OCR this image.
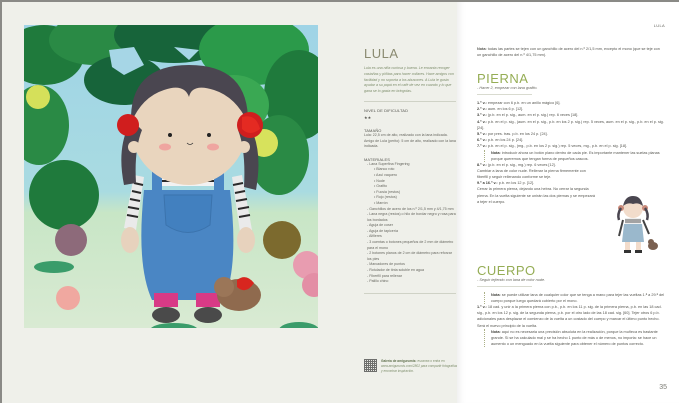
LULA
Lula es una niña curiosa y buena. Le encanta recoger castañas y piñitas para hacer collares. Hace amigos con facilidad y no soporta a los abusones. A Lula le gusta ayudar a su papá en el café de vez en cuando y lo que gana se lo gasta en bringolas.
NIVEL DE DIFICULTAD
★★
TAMAÑO
Lula: 22,5 cm de alto, realizado con la lana indicada. Amigo de Lula (perito): 5 cm de alto, realizado con la lana indicada.
MATERIALES
- Lana Superfina Fingering
• Blanco roto
• Azul vaquero
• Nude
• Grafito
• Fucsia (restos)
• Rojo (restos)
• Marrón
- Ganchillos de acero de los n.º 2/1,5 mm y 4/1,75 mm
- Lana negra (restos) o hilo de bordar negro y rosa para los bordados
- Aguja de coser
- Aguja de tapicería
- Alfileres
- 3 cuentas o botones pequeños de 2 mm de diámetro para el mono
- 2 botones planos de 2 cm de diámetro para reforzar los pies
- Marcadores de puntos
- Rotulador de tinta soluble en agua
- Fiberfill para rellenar
- Palillo chino
Galería de amigurumis: escanea o entra en www.amigurumis.com/2802 para compartir fotografías y encontrar inspiración.
LULA
Nota: todas las partes se tejen con un ganchillo de acero del n.º 2/1,5 mm, excepto el mono (que se teje con un ganchillo de acero del n.º 4/1,75 mm).
PIERNA
- Hacer 2, empezar con lana grafito.
1.ª v.: empezar con 6 p.b. en un anillo mágico [6].
2.ª v.: aum. en los 6 p. [12].
3.ª v.: (p.b. en el p. sig., aum. en el p. sig.) rep. 6 veces [18].
4.ª v.: p.b. en el p. sig., (aum. en el p. sig., p.b. en los 2 p. sig.) rep. 5 veces, aum. en el p. sig., p.b. en el p. sig. [24].
5.ª v.: por pres. tras. p.b. en los 24 p. [24].
6.ª v.: p.b. en los 24 p. [24].
7.ª v.: p.b. en el p. sig., (mg., p.b. en los 2 p. sig.) rep. 5 veces, mg., p.b. en el p. sig. [18].
Nota: introducir ahora un botón plano dentro de cada pie. Es importante mantener las suelas planas porque queremos que tengan forma de pequeños cascos.
8.ª v.: (p.b. en el p. sig., mg.) rep. 6 veces [12].
Cambiar a lana de color nude. Rellenar la pierna firmemente con fiberfill y seguir rellenando conforme se teje.
9.ª a 16.ª v.: p.b. en los 12 p. [12].
Cerrar la primera pierna, dejando una hebra. No cerrar la segunda pierna. En la vuelta siguiente se unirán las dos piernas y se empezará a tejer el cuerpo.
CUERPO
- Seguir tejiendo con lana de color nude.
Nota: se puede utilizar lana de cualquier color que se tenga a mano para tejer las vueltas 1.ª a 29.ª del cuerpo porque luego quedará cubierto por el mono.
1.ª v.: 18 cad. y unir a la primera pierna con p.b., p.b. en los 11 p. sig. de la primera pierna, p.b. en las 18 cad. sig., p.b. en los 12 p. sig. de la segunda pierna, p.b. por el otro lado de las 18 cad. sig. [60]. Tejer otros 6 p.b. adicionales para desplazar el comienzo de la vuelta a un costado del cuerpo y marcar el último punto hecho. Será el nuevo principio de la vuelta.
Nota: aquí no es necesaria una precisión absoluta en la realización, porque la muñeca es bastante grande. Si se ha calculado mal y se ha hecho 1 punto de más o de menos, no importa: se hace un aumento o un menguado en la vuelta siguiente para obtener el número de puntos correcto.
35
